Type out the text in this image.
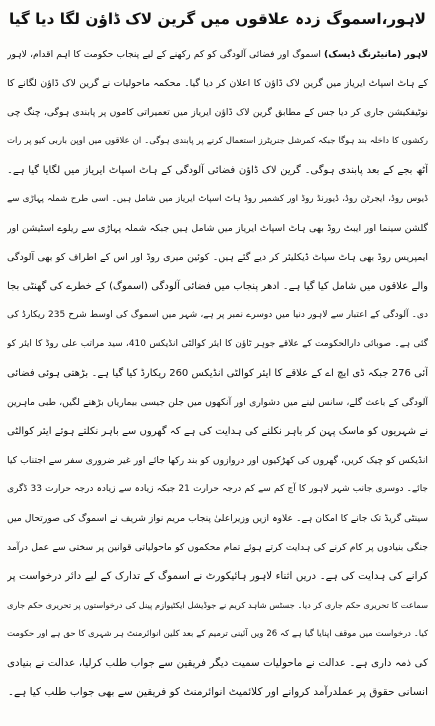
لاہور،اسموگ زدہ علاقوں میں گرین لاک ڈاؤن لگا دیا گیا
لاہور (مانیٹرنگ ڈیسک) اسموگ اور فضائی آلودگی کو کم رکھنے کے لیے پنجاب حکومت کا اہم اقدام، لاہور
کے ہاٹ اسپاٹ ایریاز میں گرین لاک ڈاؤن کا اعلان کر دیا گیا۔ محکمہ ماحولیات نے گرین لاک ڈاؤن لگانے کا
نوٹیفکیشن جاری کر دیا جس کے مطابق گرین لاک ڈاؤن ایریاز میں تعمیراتی کاموں پر پابندی ہوگی، چنگ چی
رکشوں کا داخلہ بند ہوگا جبکہ کمرشل جنریٹرز استعمال کرنے پر پابندی ہوگی۔ ان علاقوں میں اوپن باربی کیو پر رات
آٹھ بجے کے بعد پابندی ہوگی۔ گرین لاک ڈاؤن فضائی آلودگی کے ہاٹ اسپاٹ ایریاز میں لگایا گیا ہے۔
ڈیوس روڈ، ایجرٹن روڈ، ڈیورنڈ روڈ اور کشمیر روڈ ہاٹ اسپاٹ ایریاز میں شامل ہیں۔ اسی طرح شملہ پہاڑی سے
گلشن سینما اور ایبٹ روڈ بھی ہاٹ اسپاٹ ایریاز میں شامل ہیں جبکہ شملہ پہاڑی سے ریلوے اسٹیشن اور
ایمپریس روڈ بھی ہاٹ سپاٹ ڈیکلیئر کر دیے گئے ہیں۔ کوئین میری روڈ اور اس کے اطراف کو بھی آلودگی
والے علاقوں میں شامل کیا گیا ہے۔ ادھر پنجاب میں فضائی آلودگی (اسموگ) کے خطرے کی گھنٹی بجا
دی۔ آلودگی کے اعتبار سے لاہور دنیا میں دوسرے نمبر پر ہے، شہر میں اسموگ کی اوسط شرح 235 ریکارڈ کی
گئی ہے۔ صوبائی دارالحکومت کے علاقے جوہر ٹاؤن کا ایئر کوالٹی انڈیکس 410، سید مراتب علی روڈ کا ایئر کو
آئی 276 جبکہ ڈی ایچ اے کے علاقے کا ایئر کوالٹی انڈیکس 260 ریکارڈ کیا گیا ہے۔ بڑھتی ہوئی فضائی
آلودگی کے باعث گلے، سانس لینے میں دشواری اور آنکھوں میں جلن جیسی بیماریاں بڑھنے لگیں، طبی ماہرین
نے شہریوں کو ماسک پہن کر باہر نکلنے کی ہدایت کی ہے کہ گھروں سے باہر نکلتے ہوئے ایئر کوالٹی
انڈیکس کو چیک کریں، گھروں کی کھڑکیوں اور دروازوں کو بند رکھا جائے اور غیر ضروری سفر سے اجتناب کیا
جائے۔ دوسری جانب شہر لاہور کا آج کم سے کم درجہ حرارت 21 جبکہ زیادہ سے زیادہ درجہ حرارت 33 ڈگری
سینٹی گریڈ تک جانے کا امکان ہے۔ علاوہ ازیں وزیراعلیٰ پنجاب مریم نواز شریف نے اسموگ کی صورتحال میں
جنگی بنیادوں پر کام کرنے کی ہدایت کرتے ہوئے تمام محکموں کو ماحولیاتی قوانین پر سختی سے عمل درآمد
کرانے کی ہدایت کی ہے۔ دریں اثناء لاہور ہائیکورٹ نے اسموگ کے تدارک کے لیے دائر درخواست پر
سماعت کا تحریری حکم جاری کر دیا۔ جسٹس شاہد کریم نے جوڈیشل ایکٹیوازم پینل کی درخواستوں پر تحریری حکم جاری
کیا۔ درخواست میں موقف اپنایا گیا ہے کہ 26 ویں آئینی ترمیم کے بعد کلین انوائرمنٹ ہر شہری کا حق ہے اور حکومت
کی ذمہ داری ہے۔ عدالت نے ماحولیات سمیت دیگر فریقین سے جواب طلب کرلیا، عدالت نے بنیادی
انسانی حقوق پر عملدرآمد کروانے اور کلائمیٹ انوائرمنٹ کو فریقین سے بھی جواب طلب کیا ہے۔
